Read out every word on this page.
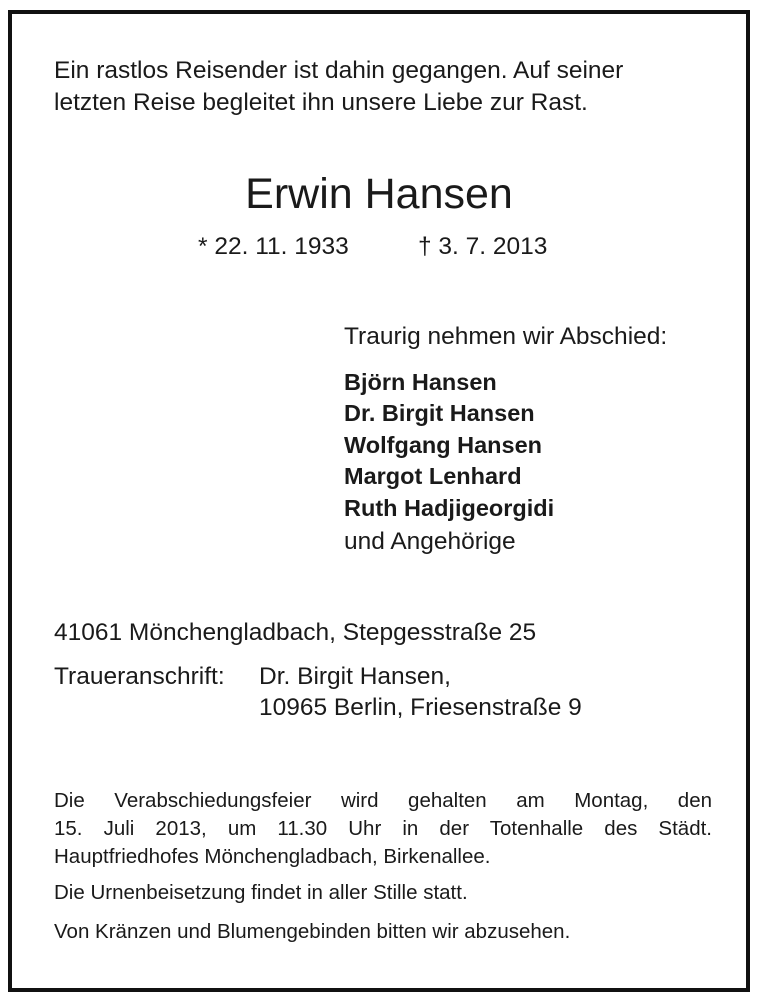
Ein rastlos Reisender ist dahin gegangen. Auf seiner
letzten Reise begleitet ihn unsere Liebe zur Rast.
Erwin Hansen
* 22. 11. 1933	† 3. 7. 2013
Traurig nehmen wir Abschied:
Björn Hansen
Dr. Birgit Hansen
Wolfgang Hansen
Margot Lenhard
Ruth Hadjigeorgidi
und Angehörige
41061 Mönchengladbach, Stepgesstraße 25
Traueranschrift: Dr. Birgit Hansen,
10965 Berlin, Friesenstraße 9
Die Verabschiedungsfeier wird gehalten am Montag, den
15. Juli 2013, um 11.30 Uhr in der Totenhalle des Städt.
Hauptfriedhofes Mönchengladbach, Birkenallee.
Die Urnenbeisetzung findet in aller Stille statt.
Von Kränzen und Blumengebinden bitten wir abzusehen.
